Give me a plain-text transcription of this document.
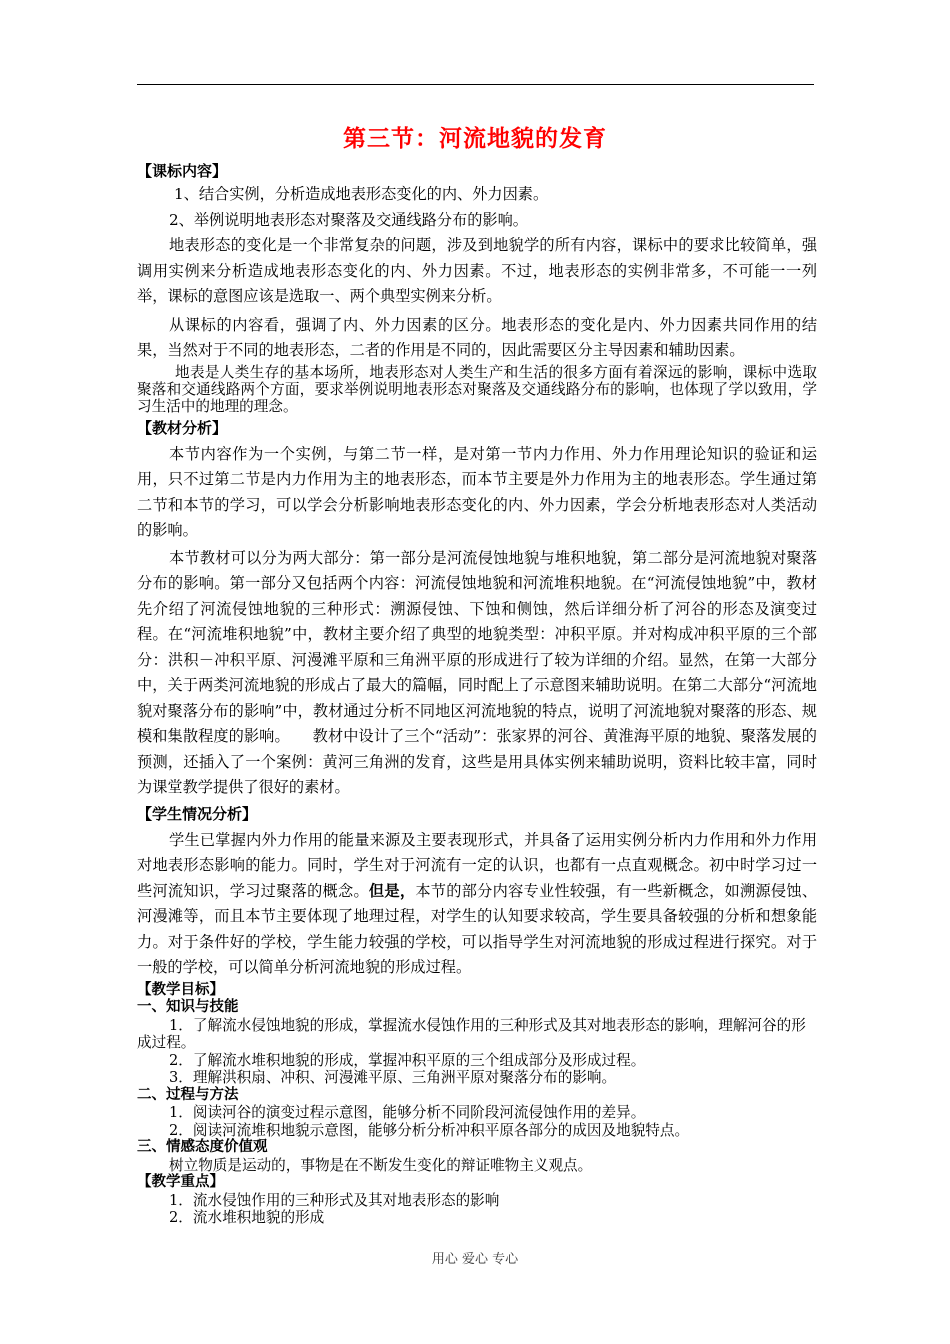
第三节：河流地貌的发育

【课标内容】

1、结合实例，分析造成地表形态变化的内、外力因素。

2、举例说明地表形态对聚落及交通线路分布的影响。

地表形态的变化是一个非常复杂的问题，涉及到地貌学的所有内容，课标中的要求比较简单，强调用实例来分析造成地表形态变化的内、外力因素。不过，地表形态的实例非常多，不可能一一列举，课标的意图应该是选取一、两个典型实例来分析。

从课标的内容看，强调了内、外力因素的区分。地表形态的变化是内、外力因素共同作用的结果，当然对于不同的地表形态，二者的作用是不同的，因此需要区分主导因素和辅助因素。

地表是人类生存的基本场所，地表形态对人类生产和生活的很多方面有着深远的影响，课标中选取聚落和交通线路两个方面，要求举例说明地表形态对聚落及交通线路分布的影响，也体现了学以致用，学习生活中的地理的理念。

【教材分析】

本节内容作为一个实例，与第二节一样，是对第一节内力作用、外力作用理论知识的验证和运用，只不过第二节是内力作用为主的地表形态，而本节主要是外力作用为主的地表形态。学生通过第二节和本节的学习，可以学会分析影响地表形态变化的内、外力因素，学会分析地表形态对人类活动的影响。

本节教材可以分为两大部分：第一部分是河流侵蚀地貌与堆积地貌，第二部分是河流地貌对聚落分布的影响。第一部分又包括两个内容：河流侵蚀地貌和河流堆积地貌。在“河流侵蚀地貌”中，教材先介绍了河流侵蚀地貌的三种形式：溯源侵蚀、下蚀和侧蚀，然后详细分析了河谷的形态及演变过程。在“河流堆积地貌”中，教材主要介绍了典型的地貌类型：冲积平原。并对构成冲积平原的三个部分：洪积－冲积平原、河漫滩平原和三角洲平原的形成进行了较为详细的介绍。显然，在第一大部分中，关于两类河流地貌的形成占了最大的篇幅，同时配上了示意图来辅助说明。在第二大部分“河流地貌对聚落分布的影响”中，教材通过分析不同地区河流地貌的特点，说明了河流地貌对聚落的形态、规模和集散程度的影响。　　教材中设计了三个“活动”：张家界的河谷、黄淮海平原的地貌、聚落发展的预测，还插入了一个案例：黄河三角洲的发育，这些是用具体实例来辅助说明，资料比较丰富，同时为课堂教学提供了很好的素材。

【学生情况分析】

学生已掌握内外力作用的能量来源及主要表现形式，并具备了运用实例分析内力作用和外力作用对地表形态影响的能力。同时，学生对于河流有一定的认识，也都有一点直观概念。初中时学习过一些河流知识，学习过聚落的概念。但是，本节的部分内容专业性较强，有一些新概念，如溯源侵蚀、河漫滩等，而且本节主要体现了地理过程，对学生的认知要求较高，学生要具备较强的分析和想象能力。对于条件好的学校，学生能力较强的学校，可以指导学生对河流地貌的形成过程进行探究。对于一般的学校，可以简单分析河流地貌的形成过程。

【教学目标】

一、知识与技能

1．了解流水侵蚀地貌的形成，掌握流水侵蚀作用的三种形式及其对地表形态的影响，理解河谷的形成过程。

2．了解流水堆积地貌的形成，掌握冲积平原的三个组成部分及形成过程。

3．理解洪积扇、冲积、河漫滩平原、三角洲平原对聚落分布的影响。

二、过程与方法

1．阅读河谷的演变过程示意图，能够分析不同阶段河流侵蚀作用的差异。

2．阅读河流堆积地貌示意图，能够分析分析冲积平原各部分的成因及地貌特点。

三、情感态度价值观

树立物质是运动的，事物是在不断发生变化的辩证唯物主义观点。

【教学重点】

1．流水侵蚀作用的三种形式及其对地表形态的影响

2．流水堆积地貌的形成

用心 爱心 专心
